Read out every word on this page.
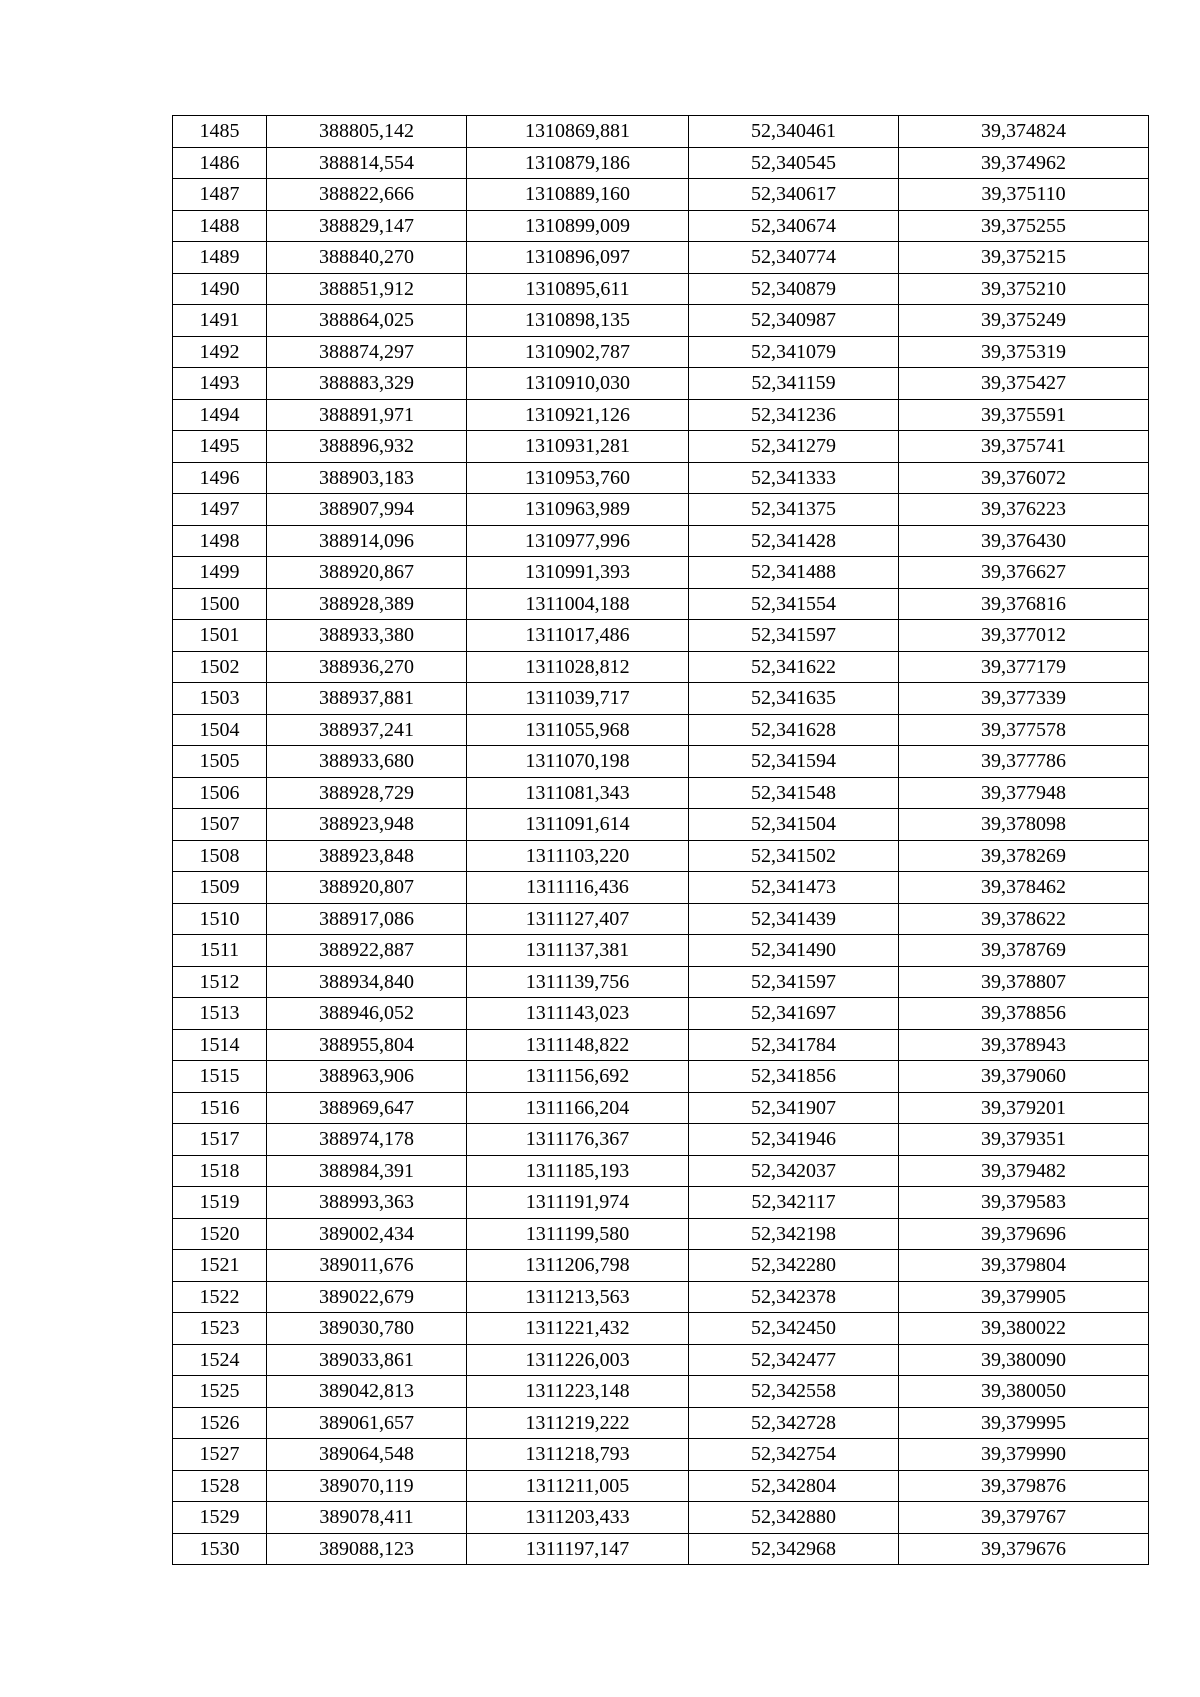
1485	388805,142	1310869,881	52,340461	39,374824
1486	388814,554	1310879,186	52,340545	39,374962
1487	388822,666	1310889,160	52,340617	39,375110
1488	388829,147	1310899,009	52,340674	39,375255
1489	388840,270	1310896,097	52,340774	39,375215
1490	388851,912	1310895,611	52,340879	39,375210
1491	388864,025	1310898,135	52,340987	39,375249
1492	388874,297	1310902,787	52,341079	39,375319
1493	388883,329	1310910,030	52,341159	39,375427
1494	388891,971	1310921,126	52,341236	39,375591
1495	388896,932	1310931,281	52,341279	39,375741
1496	388903,183	1310953,760	52,341333	39,376072
1497	388907,994	1310963,989	52,341375	39,376223
1498	388914,096	1310977,996	52,341428	39,376430
1499	388920,867	1310991,393	52,341488	39,376627
1500	388928,389	1311004,188	52,341554	39,376816
1501	388933,380	1311017,486	52,341597	39,377012
1502	388936,270	1311028,812	52,341622	39,377179
1503	388937,881	1311039,717	52,341635	39,377339
1504	388937,241	1311055,968	52,341628	39,377578
1505	388933,680	1311070,198	52,341594	39,377786
1506	388928,729	1311081,343	52,341548	39,377948
1507	388923,948	1311091,614	52,341504	39,378098
1508	388923,848	1311103,220	52,341502	39,378269
1509	388920,807	1311116,436	52,341473	39,378462
1510	388917,086	1311127,407	52,341439	39,378622
1511	388922,887	1311137,381	52,341490	39,378769
1512	388934,840	1311139,756	52,341597	39,378807
1513	388946,052	1311143,023	52,341697	39,378856
1514	388955,804	1311148,822	52,341784	39,378943
1515	388963,906	1311156,692	52,341856	39,379060
1516	388969,647	1311166,204	52,341907	39,379201
1517	388974,178	1311176,367	52,341946	39,379351
1518	388984,391	1311185,193	52,342037	39,379482
1519	388993,363	1311191,974	52,342117	39,379583
1520	389002,434	1311199,580	52,342198	39,379696
1521	389011,676	1311206,798	52,342280	39,379804
1522	389022,679	1311213,563	52,342378	39,379905
1523	389030,780	1311221,432	52,342450	39,380022
1524	389033,861	1311226,003	52,342477	39,380090
1525	389042,813	1311223,148	52,342558	39,380050
1526	389061,657	1311219,222	52,342728	39,379995
1527	389064,548	1311218,793	52,342754	39,379990
1528	389070,119	1311211,005	52,342804	39,379876
1529	389078,411	1311203,433	52,342880	39,379767
1530	389088,123	1311197,147	52,342968	39,379676
